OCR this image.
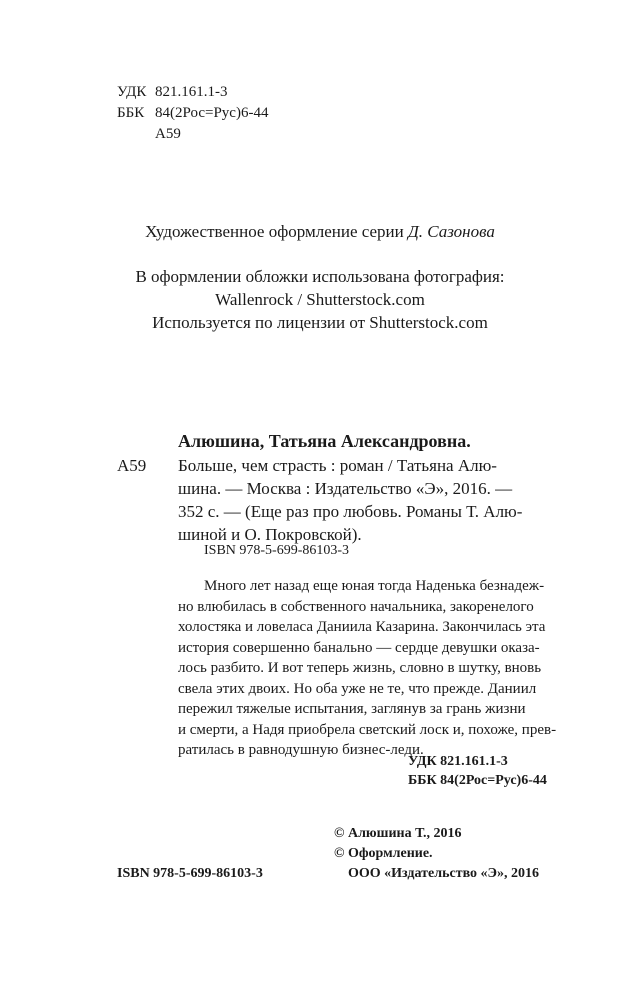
УДК 821.161.1-3
ББК 84(2Рос=Рус)6-44
А59
Художественное оформление серии Д. Сазонова
В оформлении обложки использована фотография:
Wallenrock / Shutterstock.com
Используется по лицензии от Shutterstock.com
Алюшина, Татьяна Александровна.
А59 Больше, чем страсть : роман / Татьяна Алю-
шина. — Москва : Издательство «Э», 2016. —
352 с. — (Еще раз про любовь. Романы Т. Алю-
шиной и О. Покровской).
ISBN 978-5-699-86103-3
Много лет назад еще юная тогда Наденька безнадеж-
но влюбилась в собственного начальника, закоренелого
холостяка и ловеласа Даниила Казарина. Закончилась эта
история совершенно банально — сердце девушки оказа-
лось разбито. И вот теперь жизнь, словно в шутку, вновь
свела этих двоих. Но оба уже не те, что прежде. Даниил
пережил тяжелые испытания, заглянув за грань жизни
и смерти, а Надя приобрела светский лоск и, похоже, прев-
ратилась в равнодушную бизнес-леди.
УДК 821.161.1-3
ББК 84(2Рос=Рус)6-44
© Алюшина Т., 2016
© Оформление.
ООО «Издательство «Э», 2016
ISBN 978-5-699-86103-3
